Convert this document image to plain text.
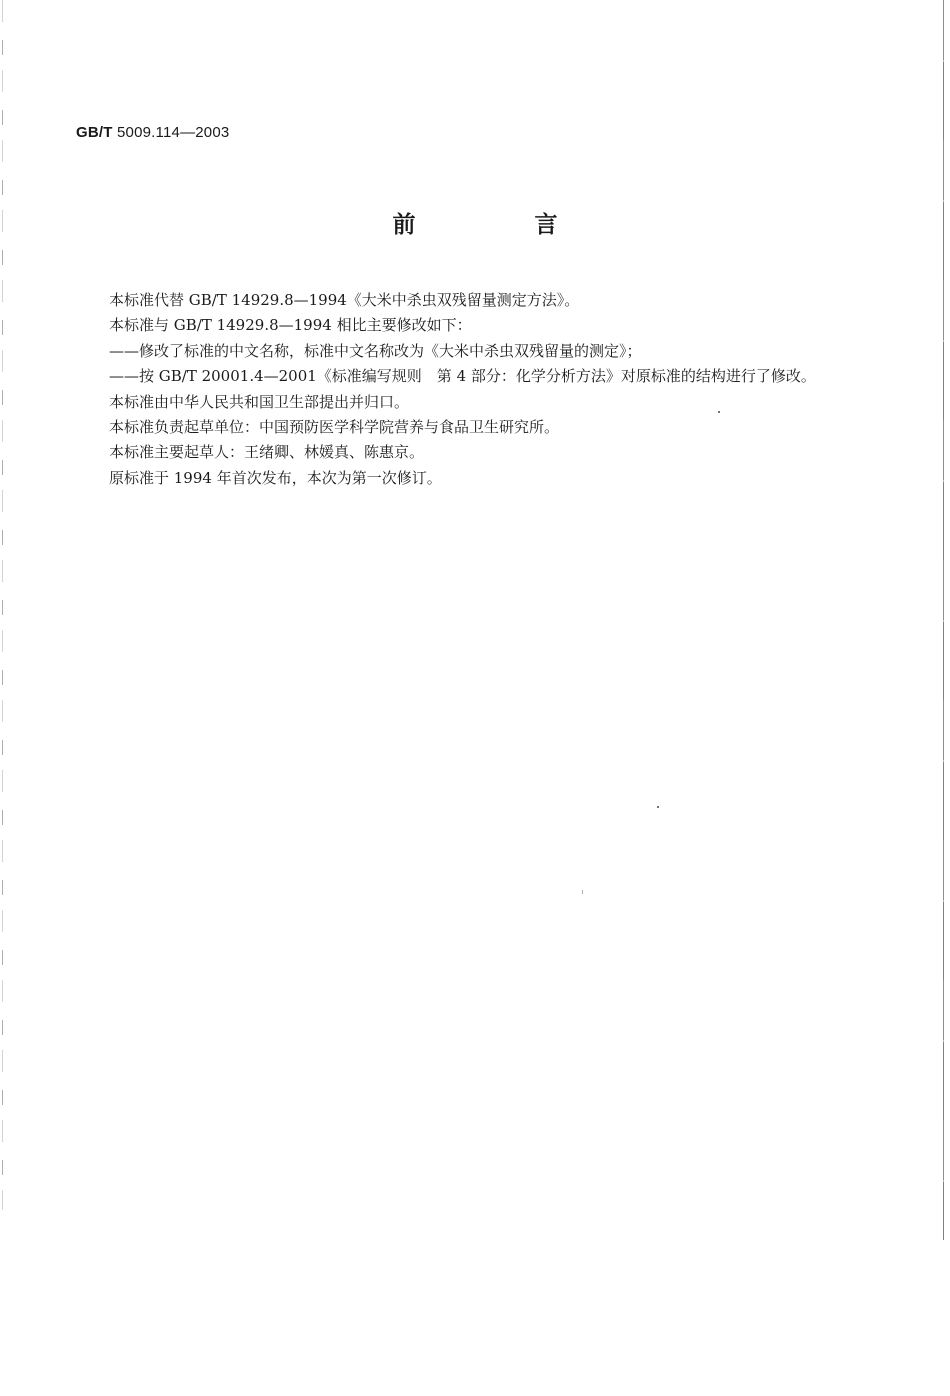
GB/T 5009.114—2003
前　言

本标准代替 GB/T 14929.8—1994《大米中杀虫双残留量测定方法》。

本标准与 GB/T 14929.8—1994 相比主要修改如下：

——修改了标准的中文名称，标准中文名称改为《大米中杀虫双残留量的测定》；

——按 GB/T 20001.4—2001《标准编写规则　第 4 部分：化学分析方法》对原标准的结构进行了修改。

本标准由中华人民共和国卫生部提出并归口。

本标准负责起草单位：中国预防医学科学院营养与食品卫生研究所。

本标准主要起草人：王绪卿、林媛真、陈惠京。

原标准于 1994 年首次发布，本次为第一次修订。
